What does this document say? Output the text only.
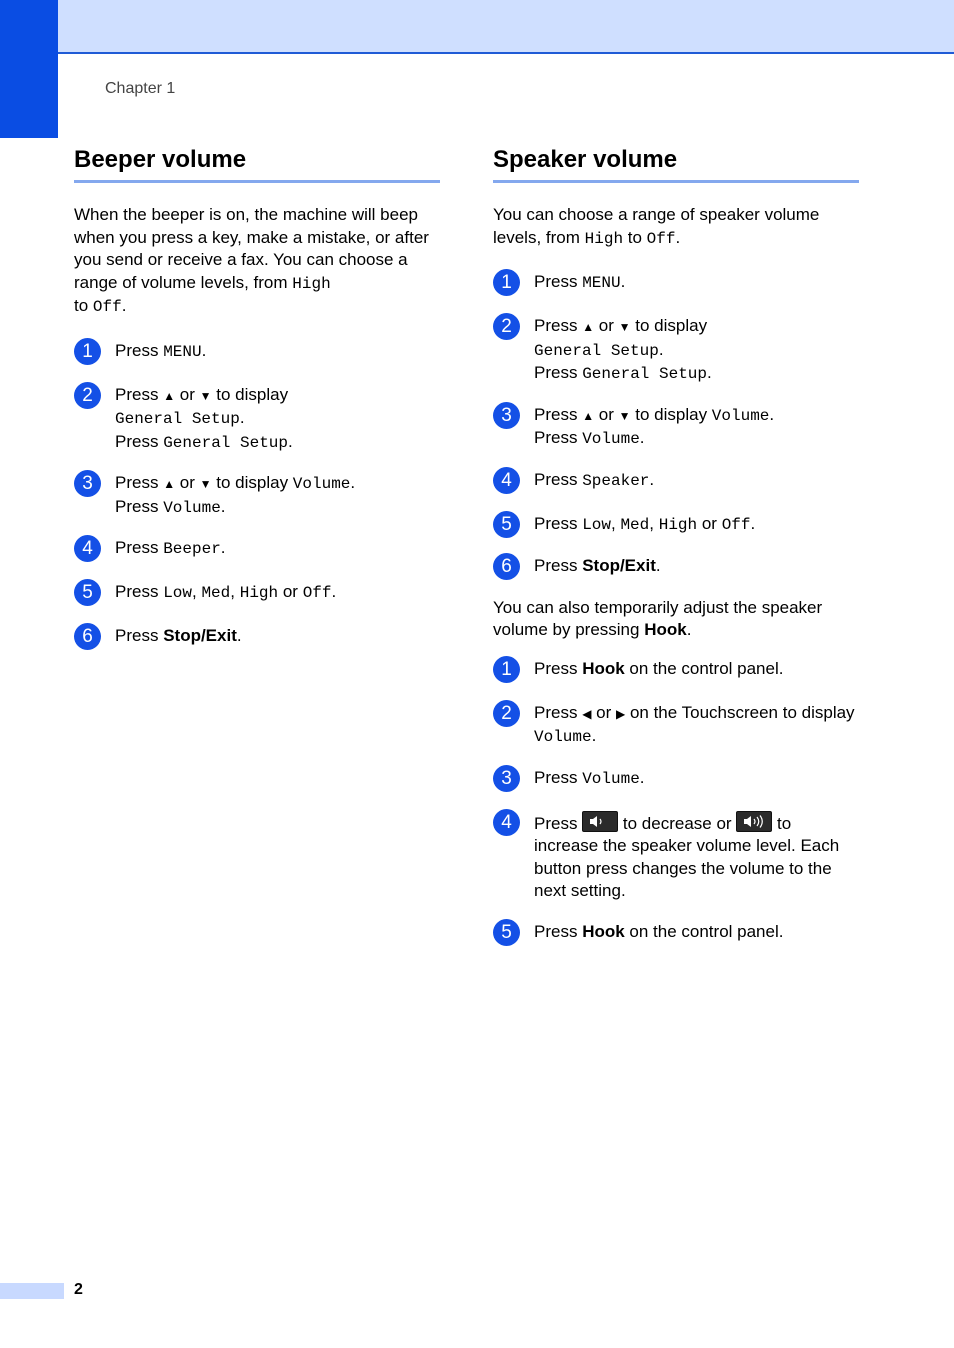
Chapter 1
Beeper volume

When the beeper is on, the machine will beep when you press a key, make a mistake, or after you send or receive a fax. You can choose a range of volume levels, from High
to Off.

1	Press MENU.
2	Press ▲ or ▼ to display
General Setup.
Press General Setup.
3	Press ▲ or ▼ to display Volume.
Press Volume.
4	Press Beeper.
5	Press Low, Med, High or Off.
6	Press Stop/Exit.
Speaker volume

You can choose a range of speaker volume levels, from High to Off.

1	Press MENU.
2	Press ▲ or ▼ to display
General Setup.
Press General Setup.
3	Press ▲ or ▼ to display Volume.
Press Volume.
4	Press Speaker.
5	Press Low, Med, High or Off.
6	Press Stop/Exit.

You can also temporarily adjust the speaker volume by pressing Hook.

1	Press Hook on the control panel.
2	Press ◀ or ▶ on the Touchscreen to display Volume.
3	Press Volume.
4	Press
to decrease or
to
increase the speaker volume level. Each button press changes the volume to the next setting.
5	Press Hook on the control panel.
2
